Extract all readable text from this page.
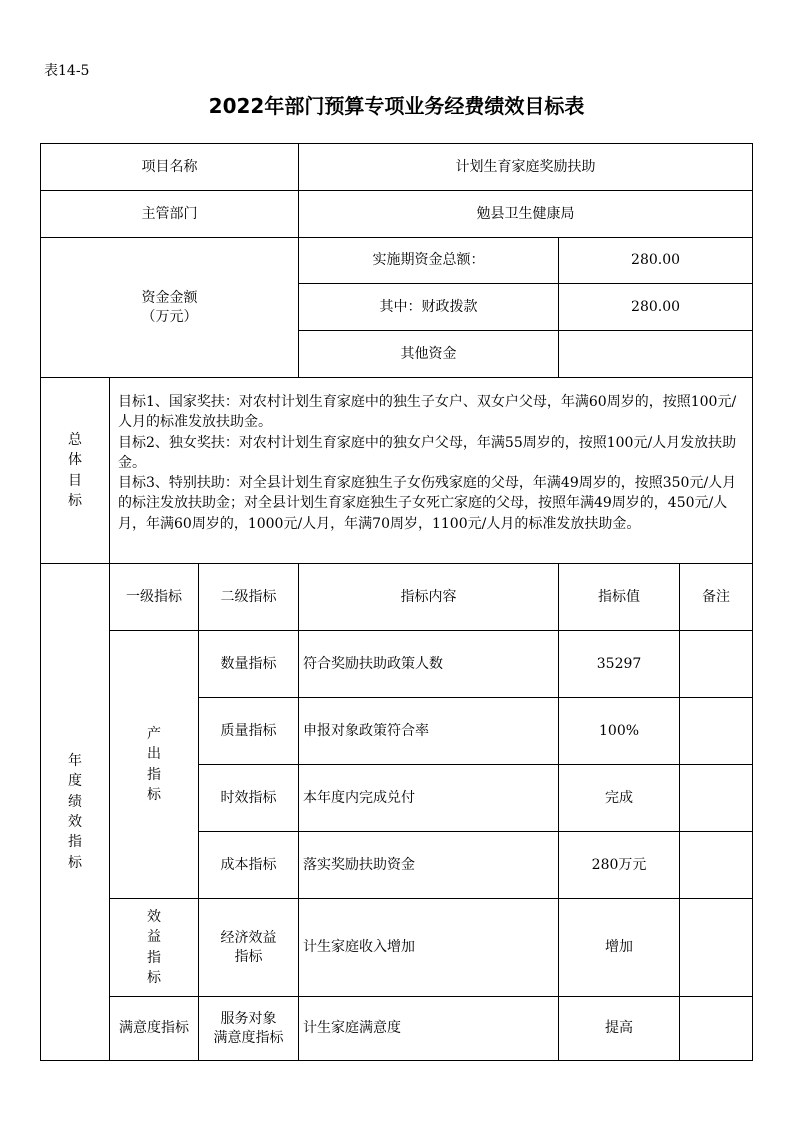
表14-5
2022年部门预算专项业务经费绩效目标表
项目名称			计划生育家庭奖励扶助		
主管部门			勉县卫生健康局		

资金金额
（万元）			实施期资金总额：	280.00	
			其中：财政拨款	280.00	
			其他资金		

总体目标	目标1、国家奖扶：对农村计划生育家庭中的独生子女户、双女户父母，年满60周岁的，按照100元/人月的标准发放扶助金。
目标2、独女奖扶：对农村计划生育家庭中的独女户父母，年满55周岁的，按照100元/人月发放扶助金。
目标3、特别扶助：对全县计划生育家庭独生子女伤残家庭的父母，年满49周岁的，按照350元/人月的标注发放扶助金；对全县计划生育家庭独生子女死亡家庭的父母，按照年满49周岁的，450元/人月，年满60周岁的，1000元/人月，年满70周岁，1100元/人月的标准发放扶助金。				

年度绩效指标	一级指标	二级指标	指标内容	指标值	备注

	产出指标	数量指标	符合奖励扶助政策人数	35297	
		质量指标	申报对象政策符合率	100%	
		时效指标	本年度内完成兑付	完成	
		成本指标	落实奖励扶助资金	280万元	

	效益指标	经济效益
指标	计生家庭收入增加	增加	
	满意度指标	服务对象
满意度指标	计生家庭满意度	提高	
